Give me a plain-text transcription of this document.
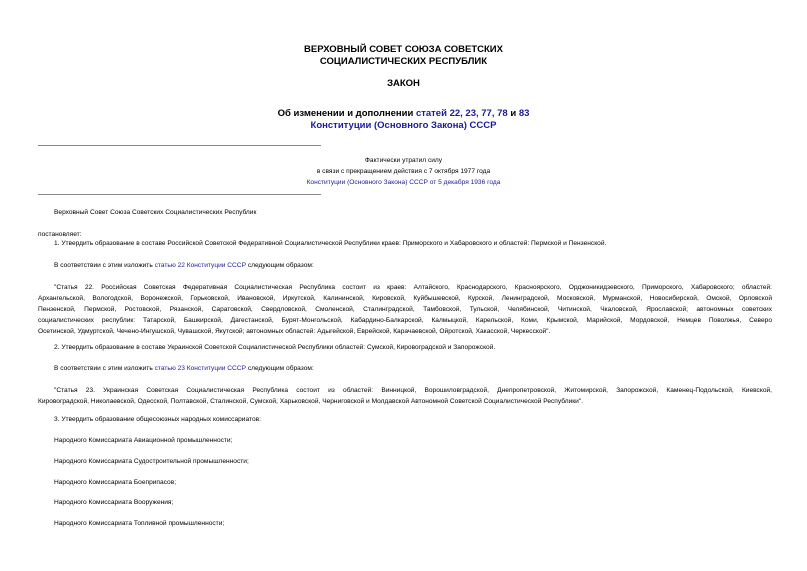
ВЕРХОВНЫЙ СОВЕТ СОЮЗА СОВЕТСКИХ
СОЦИАЛИСТИЧЕСКИХ РЕСПУБЛИК
ЗАКОН
Об изменении и дополнении статей 22, 23, 77, 78 и 83
Конституции (Основного Закона) СССР
Фактически утратил силу
в связи с прекращением действия с 7 октября 1977 года
Конституции (Основного Закона) СССР от 5 декабря 1936 года
Верховный Совет Союза Советских Социалистических Республик
постановляет:
1. Утвердить образование в составе Российской Советской Федеративной Социалистической Республики краев: Приморского и Хабаровского и областей: Пермской и Пензенской.
В соответствии с этим изложить статью 22 Конституции СССР следующим образом:
"Статья 22. Российская Советская Федеративная Социалистическая Республика состоит из краев: Алтайского, Краснодарского, Красноярского, Орджоникидзевского, Приморского, Хабаровского; областей:
Архангельской, Вологодской, Воронежской, Горьковской, Ивановской, Иркутской, Калининской, Кировской, Куйбышевской, Курской, Ленинградской, Московской, Мурманской, Новосибирской, Омской, Орловской
Пензенской, Пермской, Ростовской, Рязанской, Саратовской, Свердловской, Смоленской, Сталинградской, Тамбовской, Тульской, Челябинской, Читинской, Чкаловской, Ярославской; автономных советских
социалистических республик: Татарской, Башкирской, Дагестанской, Бурят-Монгольской, Кабардино-Балкарской, Калмыцкой, Карельской, Коми, Крымской, Марийской, Мордовской, Немцев Поволжья, Северо
Осетинской, Удмуртской, Чечено-Ингушской, Чувашской, Якутской; автономных областей: Адыгейской, Еврейской, Карачаевской, Ойротской, Хакасской, Черкесской".
2. Утвердить образование в составе Украинской Советской Социалистической Республики областей: Сумской, Кировоградской и Запорожской.
В соответствии с этим изложить статью 23 Конституции СССР следующим образом:
"Статья 23. Украинская Советская Социалистическая Республика состоит из областей: Винницкой, Ворошиловградской, Днепропетровской, Житомирской, Запорожской, Каменец-Подольской, Киевской,
Кировоградской, Николаевской, Одесской, Полтавской, Сталинской, Сумской, Харьковской, Черниговской и Молдавской Автономной Советской Социалистической Республики".
3. Утвердить образование общесоюзных народных комиссариатов:
Народного Комиссариата Авиационной промышленности;
Народного Комиссариата Судостроительной промышленности;
Народного Комиссариата Боеприпасов;
Народного Комиссариата Вооружения;
Народного Комиссариата Топливной промышленности;
